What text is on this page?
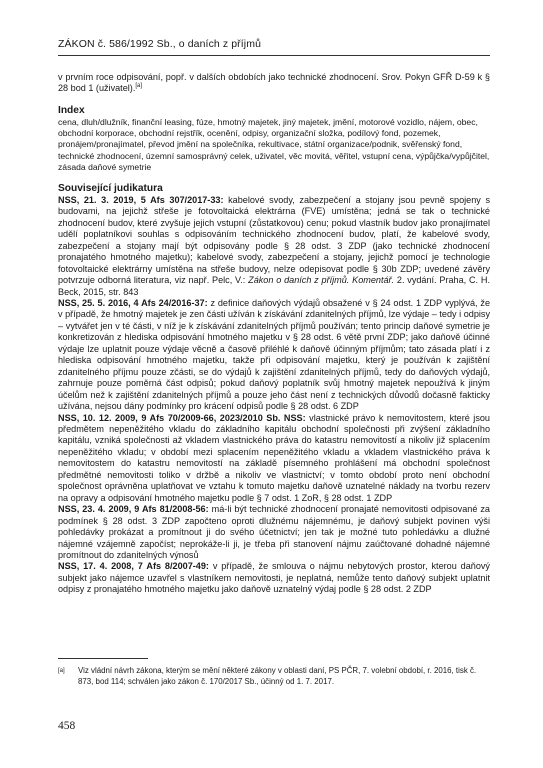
ZÁKON č. 586/1992 Sb., o daních z příjmů

v prvním roce odpisování, popř. v dalších obdobích jako technické zhodnocení. Srov. Pokyn GFŘ D-59 k § 28 bod 1 (uživatel).[a]

Index

cena, dluh/dlužník, finanční leasing, fúze, hmotný majetek, jiný majetek, jmění, motorové vozidlo, nájem, obec, obchodní korporace, obchodní rejstřík, ocenění, odpisy, organizační složka, podílový fond, pozemek, pronájem/pronajímatel, převod jmění na společníka, rekultivace, státní organizace/podnik, svěřenský fond, technické zhodnocení, územní samosprávný celek, uživatel, věc movitá, věřitel, vstupní cena, výpůjčka/vypůjčitel, zásada daňové symetrie

Související judikatura

NSS, 21. 3. 2019, 5 Afs 307/2017-33: kabelové svody, zabezpečení a stojany jsou pevně spojeny s budovami, na jejichž střeše je fotovoltaická elektrárna (FVE) umístěna; jedná se tak o technické zhodnocení budov, které zvyšuje jejich vstupní (zůstatkovou) cenu; pokud vlastník budov jako pronajímatel udělí poplatníkovi souhlas s odpisováním technického zhodnocení budov, platí, že kabelové svody, zabezpečení a stojany mají být odpisovány podle § 28 odst. 3 ZDP (jako technické zhodnocení pronajatého hmotného majetku); kabelové svody, zabezpečení a stojany, jejichž pomocí je technologie fotovoltaické elektrárny umístěna na střeše budovy, nelze odepisovat podle § 30b ZDP; uvedené závěry potvrzuje odborná literatura, viz např. Pelc, V.: Zákon o daních z příjmů. Komentář. 2. vydání. Praha, C. H. Beck, 2015, str. 843

NSS, 25. 5. 2016, 4 Afs 24/2016-37: z definice daňových výdajů obsažené v § 24 odst. 1 ZDP vyplývá, že v případě, že hmotný majetek je zen části užíván k získávání zdanitelných příjmů, lze výdaje – tedy i odpisy – vytvářet jen v té části, v níž je k získávání zdanitelných příjmů používán; tento princip daňové symetrie je konkretizován z hlediska odpisování hmotného majetku v § 28 odst. 6 větě první ZDP; jako daňově účinné výdaje lze uplatnit pouze výdaje věcně a časově přiléhlé k daňově účinným příjmům; tato zásada platí i z hlediska odpisování hmotného majetku, takže při odpisování majetku, který je používán k zajištění zdanitelného příjmu pouze zčásti, se do výdajů k zajištění zdanitelných příjmů, tedy do daňových výdajů, zahrnuje pouze poměrná část odpisů; pokud daňový poplatník svůj hmotný majetek nepoužívá k jiným účelům než k zajištění zdanitelných příjmů a pouze jeho část není z technických důvodů dočasně fakticky užívána, nejsou dány podmínky pro krácení odpisů podle § 28 odst. 6 ZDP

NSS, 10. 12. 2009, 9 Afs 70/2009-66, 2023/2010 Sb. NSS: vlastnické právo k nemovitostem, které jsou předmětem nepeněžitého vkladu do základního kapitálu obchodní společnosti při zvýšení základního kapitálu, vzniká společnosti až vkladem vlastnického práva do katastru nemovitostí a nikoliv již splacením nepeněžitého vkladu; v období mezi splacením nepeněžitého vkladu a vkladem vlastnického práva k nemovitostem do katastru nemovitostí na základě písemného prohlášení má obchodní společnost předmětné nemovitosti toliko v držbě a nikoliv ve vlastnictví; v tomto období proto není obchodní společnost oprávněna uplatňovat ve vztahu k tomuto majetku daňově uznatelné náklady na tvorbu rezerv na opravy a odpisování hmotného majetku podle § 7 odst. 1 ZoR, § 28 odst. 1 ZDP

NSS, 23. 4. 2009, 9 Afs 81/2008-56: má-li být technické zhodnocení pronajaté nemovitosti odpisované za podmínek § 28 odst. 3 ZDP započteno oproti dlužnému nájemnému, je daňový subjekt povinen výši pohledávky prokázat a promítnout ji do svého účetnictví; jen tak je možné tuto pohledávku a dlužné nájemné vzájemně započíst; neprokáže-li ji, je třeba při stanovení nájmu zaúčtované dohadné nájemné promítnout do zdanitelných výnosů

NSS, 17. 4. 2008, 7 Afs 8/2007-49: v případě, že smlouva o nájmu nebytových prostor, kterou daňový subjekt jako nájemce uzavřel s vlastníkem nemovitosti, je neplatná, nemůže tento daňový subjekt uplatnit odpisy z pronajatého hmotného majetku jako daňově uznatelný výdaj podle § 28 odst. 2 ZDP

[a]	Viz vládní návrh zákona, kterým se mění některé zákony v oblasti daní, PS PČR, 7. volební období, r. 2016, tisk č. 873, bod 114; schválen jako zákon č. 170/2017 Sb., účinný od 1. 7. 2017.
458
